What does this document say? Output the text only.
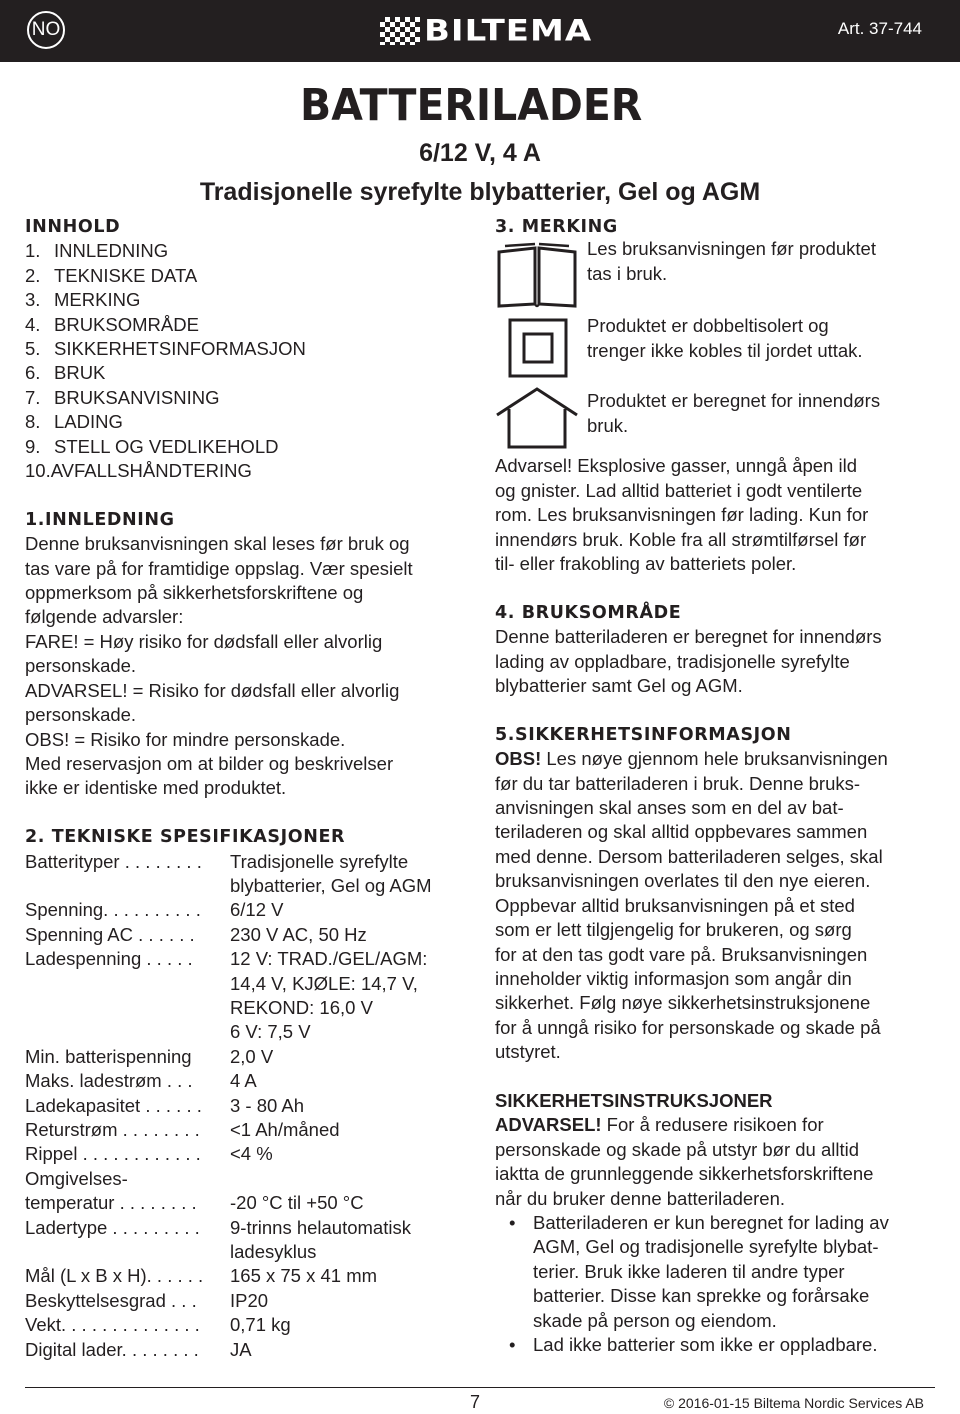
NO	BILTEMA	Art. 37-744
BATTERILADER
6/12 V, 4 A
Tradisjonelle syrefylte blybatterier, Gel og AGM
INNHOLD
1. INNLEDNING
2. TEKNISKE DATA
3. MERKING
4. BRUKSOMRÅDE
5. SIKKERHETSINFORMASJON
6. BRUK
7. BRUKSANVISNING
8. LADING
9. STELL OG VEDLIKEHOLD
10. AVFALLSHÅNDTERING
1.INNLEDNING
Denne bruksanvisningen skal leses før bruk og
tas vare på for framtidige oppslag. Vær spesielt
oppmerksom på sikkerhetsforskriftene og
følgende advarsler:
FARE! = Høy risiko for dødsfall eller alvorlig
personskade.
ADVARSEL! = Risiko for dødsfall eller alvorlig
personskade.
OBS! = Risiko for mindre personskade.
Med reservasjon om at bilder og beskrivelser
ikke er identiske med produktet.
2. TEKNISKE SPESIFIKASJONER
Batterityper . . . . . . . .	Tradisjonelle syrefylte
blybatterier, Gel og AGM
Spenning. . . . . . . . . .	6/12 V
Spenning AC . . . . . .	230 V AC, 50 Hz
Ladespenning . . . . .	12 V: TRAD./GEL/AGM:
14,4 V, KJØLE: 14,7 V,
REKOND: 16,0 V
6 V: 7,5 V
Min. batterispenning	2,0 V
Maks. ladestrøm . . .	4 A
Ladekapasitet . . . . . .	3 - 80 Ah
Returstrøm . . . . . . . .	<1 Ah/måned
Rippel . . . . . . . . . . . .	<4 %
Omgivelses-
temperatur . . . . . . . .	-20 °C til +50 °C
Ladertype . . . . . . . . .	9-trinns helautomatisk
ladesyklus
Mål (L x B x H). . . . . .	165 x 75 x 41 mm
Beskyttelsesgrad . . .	IP20
Vekt. . . . . . . . . . . . . .	0,71 kg
Digital lader. . . . . . . .	JA
3. MERKING
Les bruksanvisningen før produktet
tas i bruk.
Produktet er dobbeltisolert og
trenger ikke kobles til jordet uttak.
Produktet er beregnet for innendørs
bruk.
Advarsel! Eksplosive gasser, unngå åpen ild
og gnister. Lad alltid batteriet i godt ventilerte
rom. Les bruksanvisningen før lading. Kun for
innendørs bruk. Koble fra all strømtilførsel før
til- eller frakobling av batteriets poler.
4. BRUKSOMRÅDE
Denne batteriladeren er beregnet for innendørs
lading av oppladbare, tradisjonelle syrefylte
blybatterier samt Gel og AGM.
5.SIKKERHETSINFORMASJON
OBS! Les nøye gjennom hele bruksanvisningen
før du tar batteriladeren i bruk. Denne bruks-
anvisningen skal anses som en del av bat-
teriladeren og skal alltid oppbevares sammen
med denne. Dersom batteriladeren selges, skal
bruksanvisningen overlates til den nye eieren.
Oppbevar alltid bruksanvisningen på et sted
som er lett tilgjengelig for brukeren, og sørg
for at den tas godt vare på. Bruksanvisningen
inneholder viktig informasjon som angår din
sikkerhet. Følg nøye sikkerhetsinstruksjonene
for å unngå risiko for personskade og skade på
utstyret.
SIKKERHETSINSTRUKSJONER
ADVARSEL! For å redusere risikoen for
personskade og skade på utstyr bør du alltid
iaktta de grunnleggende sikkerhetsforskriftene
når du bruker denne batteriladeren.
• Batteriladeren er kun beregnet for lading av
AGM, Gel og tradisjonelle syrefylte blybat-
terier. Bruk ikke laderen til andre typer
batterier. Disse kan sprekke og forårsake
skade på person og eiendom.
• Lad ikke batterier som ikke er oppladbare.
7	© 2016-01-15 Biltema Nordic Services AB
